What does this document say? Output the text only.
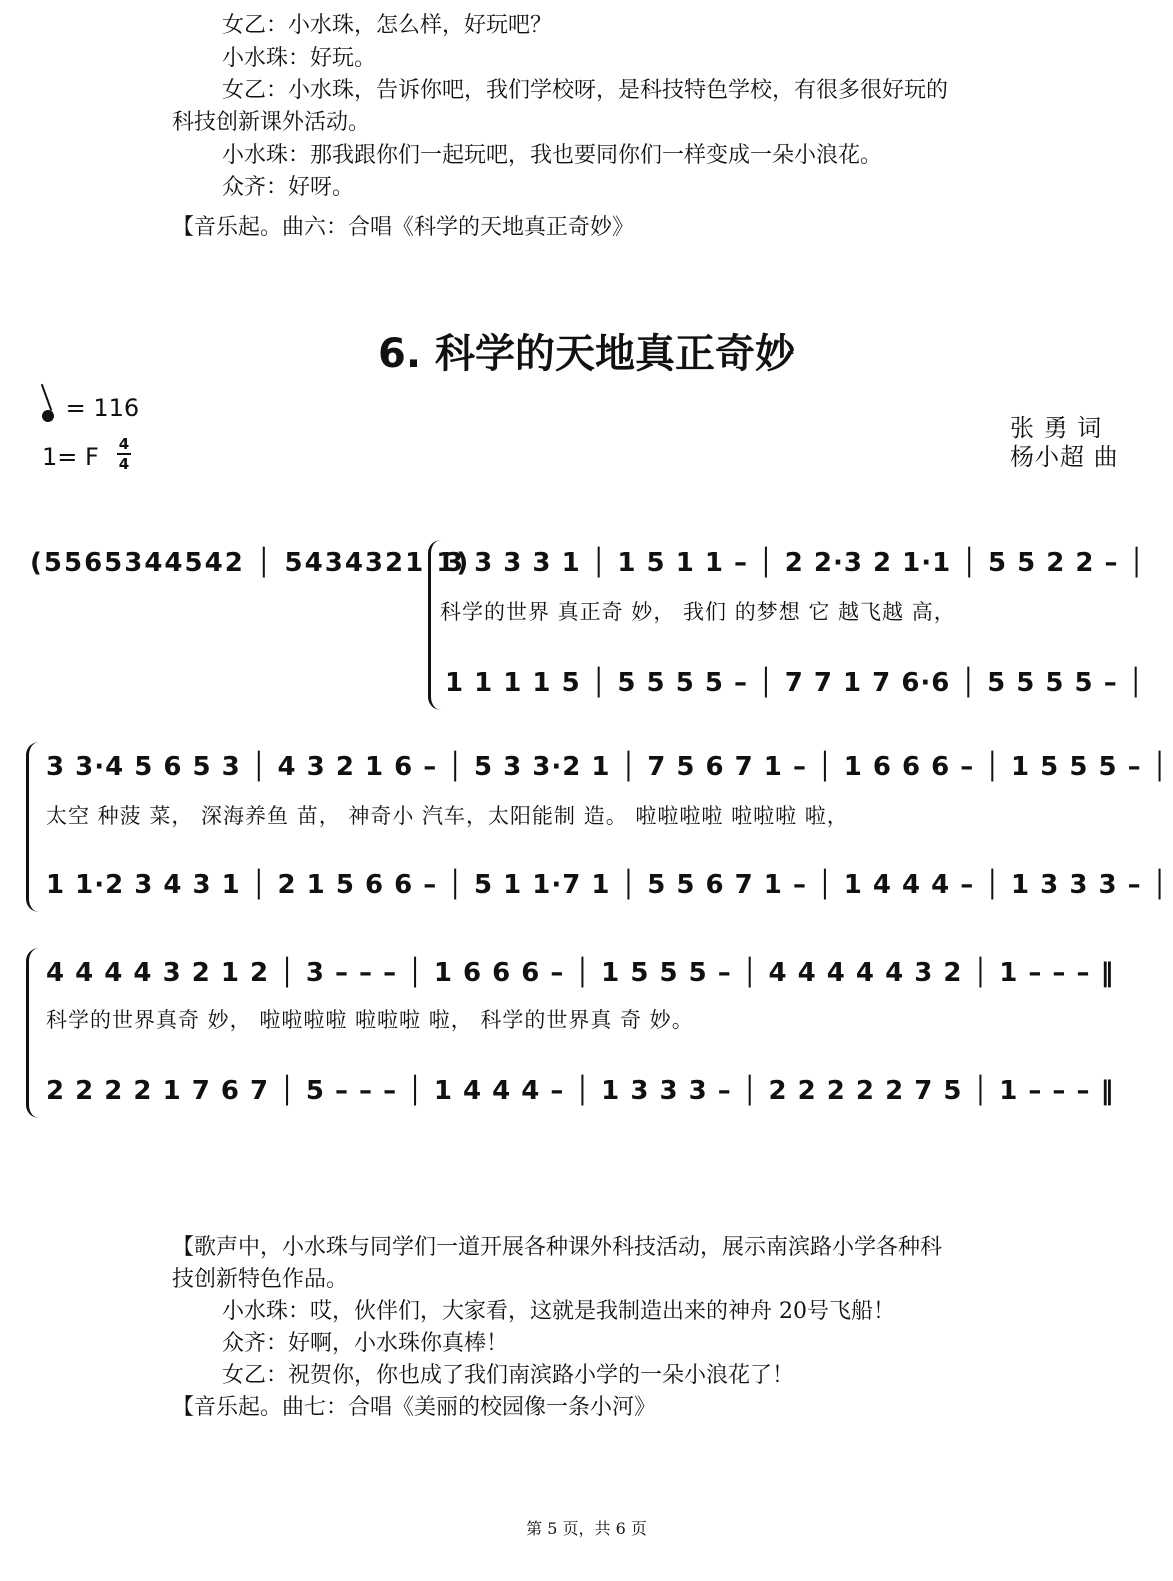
女乙：小水珠，怎么样，好玩吧？
小水珠：好玩。
女乙：小水珠，告诉你吧，我们学校呀，是科技特色学校，有很多很好玩的
科技创新课外活动。
小水珠：那我跟你们一起玩吧，我也要同你们一样变成一朵小浪花。
众齐：好呀。
【音乐起。曲六：合唱《科学的天地真正奇妙》
6. 科学的天地真正奇妙
= 116
1= F 4
4
张 勇 词
杨小超 曲
(5565344542 │ 5434321 1)
3 3 3 3 1 │ 1 5 1 1 – │ 2 2·3 2 1·1 │ 5 5 2 2 – │
科学的世界 真正奇 妙， 我们 的梦想 它 越飞越 高，
1 1 1 1 5 │ 5 5 5 5 – │ 7 7 1 7 6·6 │ 5 5 5 5 – │
3 3·4 5 6 5 3 │ 4 3 2 1 6 – │ 5 3 3·2 1 │ 7 5 6 7 1 – │ 1 6 6 6 – │ 1 5 5 5 – │
太空 种菠 菜， 深海养鱼 苗， 神奇小 汽车，太阳能制 造。 啦啦啦啦 啦啦啦 啦，
1 1·2 3 4 3 1 │ 2 1 5 6 6 – │ 5 1 1·7 1 │ 5 5 6 7 1 – │ 1 4 4 4 – │ 1 3 3 3 – │
4 4 4 4 3 2 1 2 │ 3 – – – │ 1 6 6 6 – │ 1 5 5 5 – │ 4 4 4 4 4 3 2 │ 1 – – – ‖
科学的世界真奇 妙， 啦啦啦啦 啦啦啦 啦， 科学的世界真 奇 妙。
2 2 2 2 1 7 6 7 │ 5 – – – │ 1 4 4 4 – │ 1 3 3 3 – │ 2 2 2 2 2 7 5 │ 1 – – – ‖
【歌声中，小水珠与同学们一道开展各种课外科技活动，展示南滨路小学各种科
技创新特色作品。
小水珠：哎，伙伴们，大家看，这就是我制造出来的神舟 20号飞船！
众齐：好啊，小水珠你真棒！
女乙：祝贺你，你也成了我们南滨路小学的一朵小浪花了！
【音乐起。曲七：合唱《美丽的校园像一条小河》
第 5 页，共 6 页
